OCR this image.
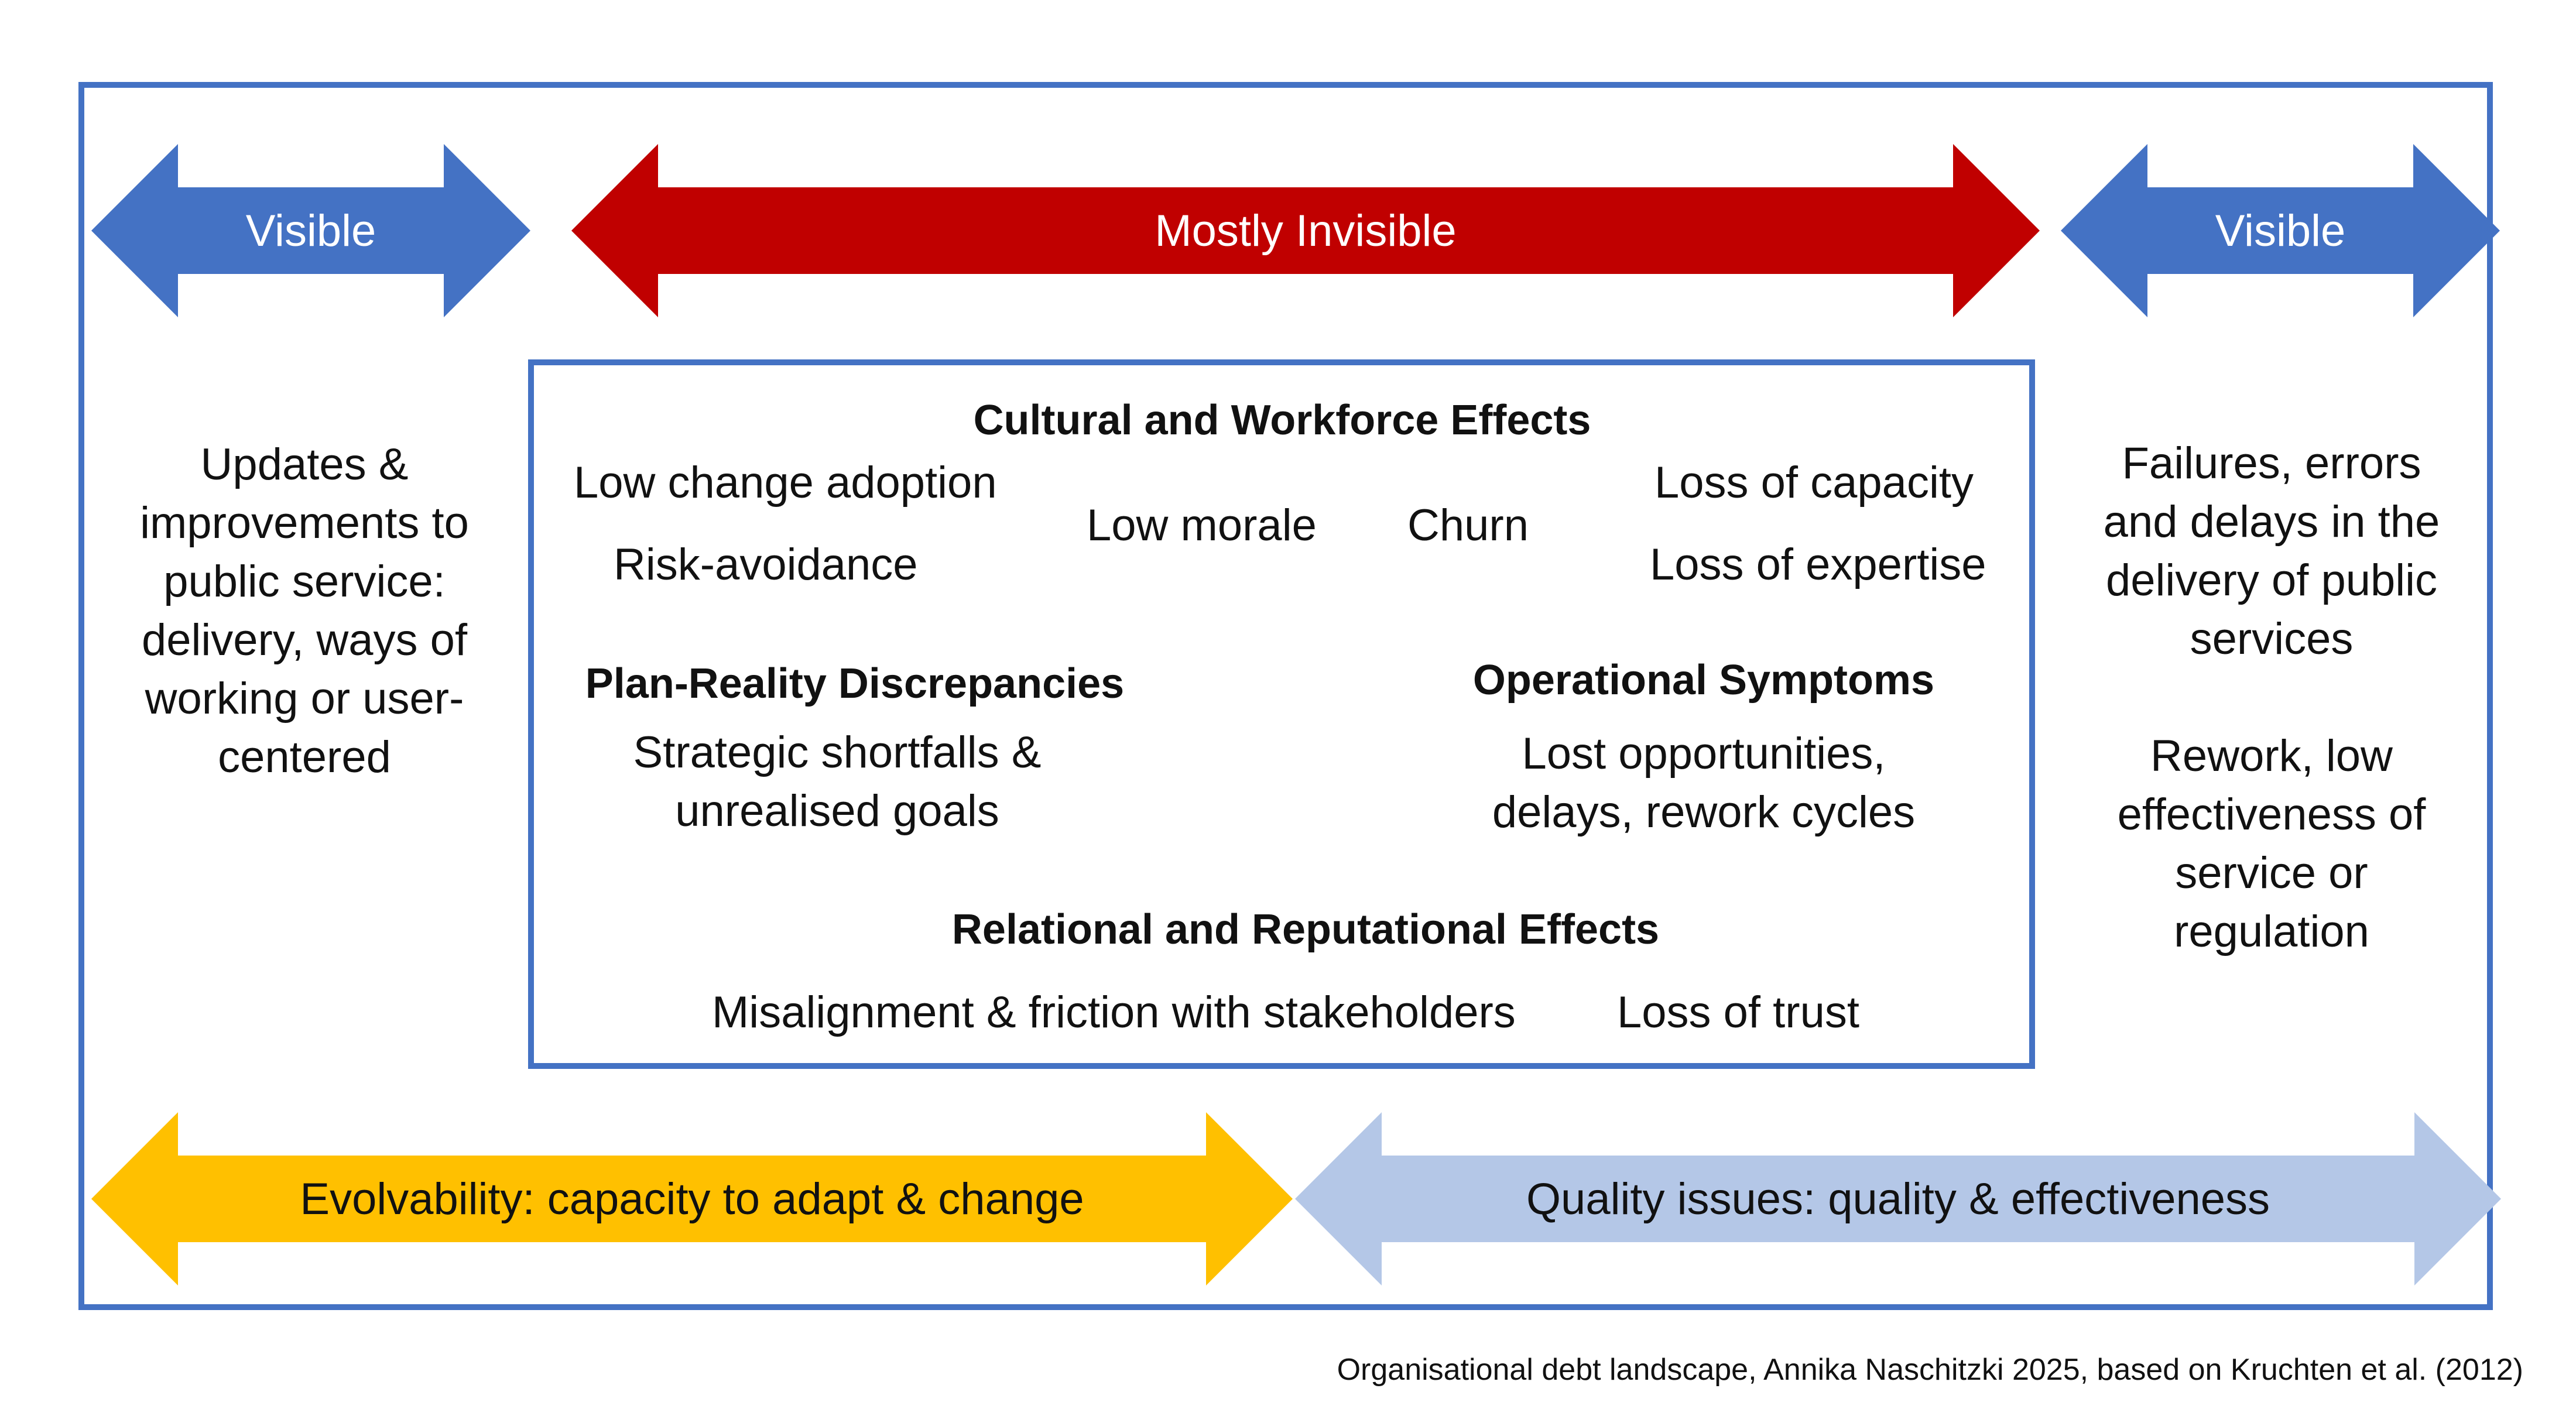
Visible	Mostly Invisible	Visible
Updates &
improvements to
public service:
delivery, ways of
working or user-
centered
Failures, errors
and delays in the
delivery of public
services

Rework, low
effectiveness of
service or
regulation
Cultural and Workforce Effects
Low change adoption
Risk-avoidance
Low morale Churn
Loss of capacity
Loss of expertise
Plan-Reality Discrepancies
Strategic shortfalls &
unrealised goals
Operational Symptoms
Lost opportunities,
delays, rework cycles
Relational and Reputational Effects
Misalignment & friction with stakeholders Loss of trust
Evolvability: capacity to adapt & change	Quality issues: quality & effectiveness
Organisational debt landscape, Annika Naschitzki 2025, based on Kruchten et al. (2012)
